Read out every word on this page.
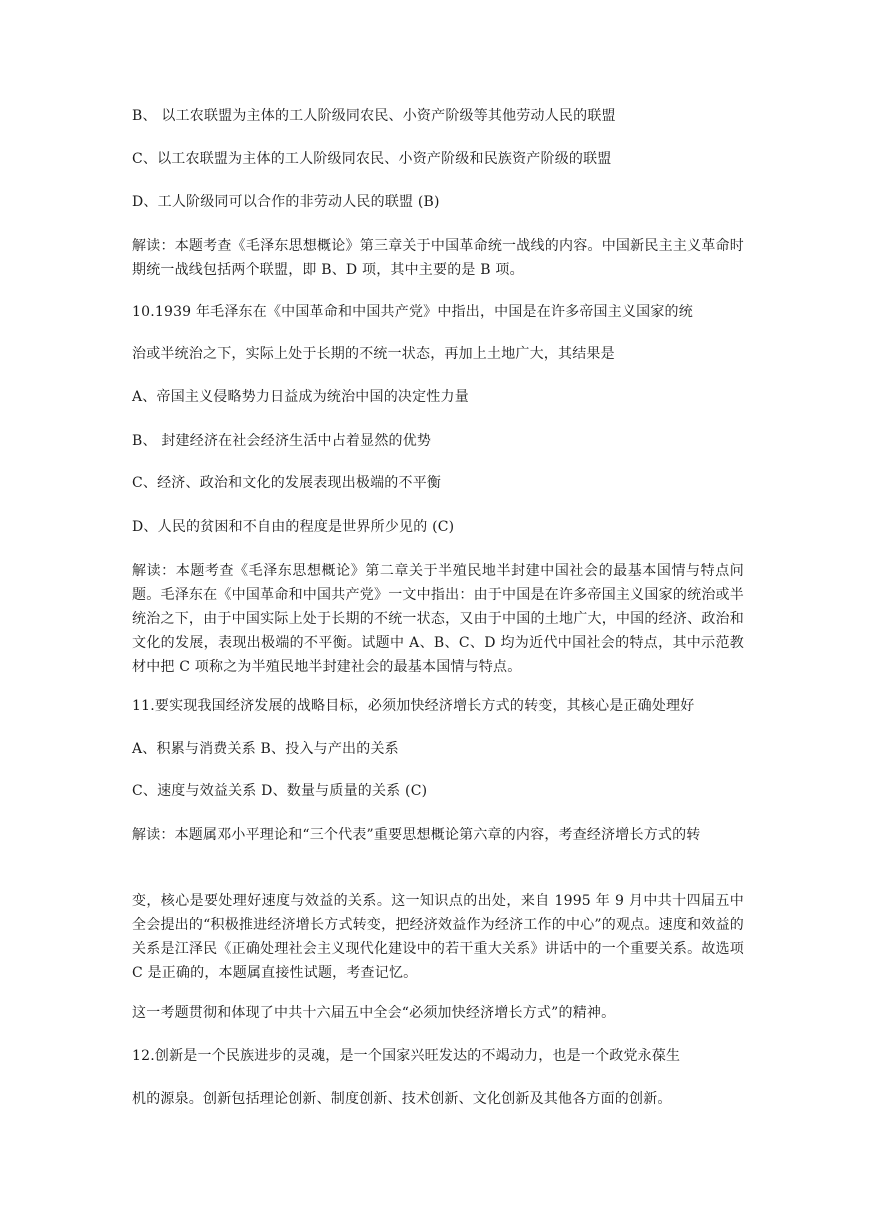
B、 以工农联盟为主体的工人阶级同农民、小资产阶级等其他劳动人民的联盟
C、以工农联盟为主体的工人阶级同农民、小资产阶级和民族资产阶级的联盟
D、工人阶级同可以合作的非劳动人民的联盟 (B)
解读：本题考查《毛泽东思想概论》第三章关于中国革命统一战线的内容。中国新民主主义革命时期统一战线包括两个联盟，即 B、D 项，其中主要的是 B 项。
10.1939 年毛泽东在《中国革命和中国共产党》中指出，中国是在许多帝国主义国家的统
治或半统治之下，实际上处于长期的不统一状态，再加上土地广大，其结果是
A、帝国主义侵略势力日益成为统治中国的决定性力量
B、 封建经济在社会经济生活中占着显然的优势
C、经济、政治和文化的发展表现出极端的不平衡
D、人民的贫困和不自由的程度是世界所少见的 (C)
解读：本题考查《毛泽东思想概论》第二章关于半殖民地半封建中国社会的最基本国情与特点问题。毛泽东在《中国革命和中国共产党》一文中指出：由于中国是在许多帝国主义国家的统治或半统治之下，由于中国实际上处于长期的不统一状态，又由于中国的土地广大，中国的经济、政治和文化的发展，表现出极端的不平衡。试题中 A、B、C、D 均为近代中国社会的特点，其中示范教材中把 C 项称之为半殖民地半封建社会的最基本国情与特点。
11.要实现我国经济发展的战略目标，必须加快经济增长方式的转变，其核心是正确处理好
A、积累与消费关系 B、投入与产出的关系
C、速度与效益关系 D、数量与质量的关系 (C)
解读：本题属邓小平理论和“三个代表”重要思想概论第六章的内容，考查经济增长方式的转
变，核心是要处理好速度与效益的关系。这一知识点的出处，来自 1995 年 9 月中共十四届五中全会提出的“积极推进经济增长方式转变，把经济效益作为经济工作的中心”的观点。速度和效益的关系是江泽民《正确处理社会主义现代化建设中的若干重大关系》讲话中的一个重要关系。故选项 C 是正确的，本题属直接性试题，考查记忆。
这一考题贯彻和体现了中共十六届五中全会“必须加快经济增长方式”的精神。
12.创新是一个民族进步的灵魂，是一个国家兴旺发达的不竭动力，也是一个政党永葆生
机的源泉。创新包括理论创新、制度创新、技术创新、文化创新及其他各方面的创新。
